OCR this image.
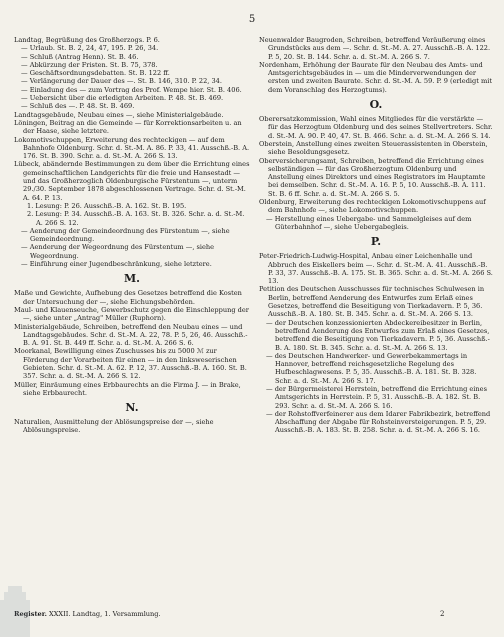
5

Landtag, Begrüßung des Großherzogs. P. 6.

— Urlaub. St. B. 2, 24, 47, 195. P. 26, 34.

— Schluß (Antrag Henn). St. B. 46.

— Abkürzung der Fristen. St. B. 75, 378.

— Geschäftsordnungsdebatten. St. B. 122 ff.

— Verlängerung der Dauer des —. St. B. 146, 310. P. 22, 34.

— Einladung des — zum Vortrag des Prof. Wempe hier. St. B. 406.

— Uebersicht über die erledigten Arbeiten. P. 48. St. B. 469.

— Schluß des —. P. 48. St. B. 469.

Landtagsgebäude, Neubau eines —, siehe Ministerialgebäude.

Löningen, Beitrag an die Gemeinde — für Korrektionsarbeiten u. an der Haase, siehe letztere.

Lokomotivschuppen, Erweiterung des rechteckigen — auf dem Bahnhofe Oldenburg. Schr. d. St.-M. A. 86. P. 33, 41. Ausschß.-B. A. 176. St. B. 390. Schr. a. d. St.-M. A. 266 S. 13.

Lübeck, abändernde Bestimmungen zu dem über die Errichtung eines gemeinschaftlichen Landgerichts für die freie und Hansestadt — und das Großherzoglich Oldenburgische Fürstentum —, unterm 29./30. September 1878 abgeschlossenen Vertrage. Schr. d. St.-M. A. 64. P. 13.

1. Lesung: P. 26. Ausschß.-B. A. 162. St. B. 195.

2. Lesung: P. 34. Ausschß.-B. A. 163. St. B. 326. Schr. a. d. St.-M. A. 266 S. 12.

— Aenderung der Gemeindeordnung des Fürstentum —, siehe Gemeindeordnung.

— Aenderung der Wegeordnung des Fürstentum —, siehe Wegeordnung.

— Einführung einer Jugendbeschränkung, siehe letztere.

M.

Maße und Gewichte, Aufhebung des Gesetzes betreffend die Kosten der Untersuchung der —, siehe Eichungsbehörden.

Maul- und Klauenseuche, Gewerbschutz gegen die Einschleppung der —, siehe unter „Antrag" Müller (Ruphorn).

Ministerialgebäude, Schreiben, betreffend den Neubau eines — und Landtagsgebäudes. Schr. d. St.-M. A. 22, 78. P. 5, 26, 46. Ausschß.-B. A. 91. St. B. 449 ff. Schr. a. d. St.-M. A. 266 S. 6.

Moorkanal, Bewilligung eines Zuschusses bis zu 5000 ℳ zur Förderung der Vorarbeiten für einen — in den linksweserischen Gebieten. Schr. d. St.-M. A. 62. P. 12, 37. Ausschß.-B. A. 160. St. B. 357. Schr. a. d. St.-M. A. 266 S. 12.

Müller, Einräumung eines Erbbaurechts an die Firma J. — in Brake, siehe Erbbaurecht.

N.

Naturalien, Ausmittelung der Ablösungspreise der —, siehe Ablösungspreise.

Neuenwalder Baugroden, Schreiben, betreffend Veräußerung eines Grundstücks aus dem —. Schr. d. St.-M. A. 27. Ausschß.-B. A. 122. P. 5, 20. St. B. 144. Schr. a. d. St.-M. A. 266 S. 7.

Nordenham, Erhöhung der Baurate für den Neubau des Amts- und Amtsgerichtsgebäudes in — um die Minderverwendungen der ersten und zweiten Baurate. Schr. d. St.-M. A. 59. P. 9 (erledigt mit dem Voranschlag des Herzogtums).

O.

Oberersatzkommission, Wahl eines Mitgliedes für die verstärkte — für das Herzogtum Oldenburg und des seines Stellvertreters. Schr. d. St.-M. A. 90. P. 40, 47. St. B. 466. Schr. a. d. St.-M. A. 266 S. 14.

Oberstein, Anstellung eines zweiten Steuerassistenten in Oberstein, siehe Besoldungsgesetz.

Oberversicherungsamt, Schreiben, betreffend die Errichtung eines selbständigen — für das Großherzogtum Oldenburg und Anstellung eines Direktors und eines Registrators im Hauptamte bei demselben. Schr. d. St.-M. A. 16. P. 5, 10. Ausschß.-B. A. 111. St. B. 6 ff. Schr. a. d. St.-M. A. 266 S. 5.

Oldenburg, Erweiterung des rechteckigen Lokomotivschuppens auf dem Bahnhofe —, siehe Lokomotivschuppen.

— Herstellung eines Uebergabe- und Sammelgleises auf dem Güterbahnhof —, siehe Uebergabegleis.

P.

Peter-Friedrich-Ludwig-Hospital, Anbau einer Leichenhalle und Abbruch des Eiskellers beim —. Schr. d. St.-M. A. 41. Ausschß.-B. P. 33, 37. Ausschß.-B. A. 175. St. B. 365. Schr. a. d. St.-M. A. 266 S. 13.

Petition des Deutschen Ausschusses für technisches Schulwesen in Berlin, betreffend Aenderung des Entwurfes zum Erlaß eines Gesetzes, betreffend die Beseitigung von Tierkadavern. P. 5, 36. Ausschß.-B. A. 180. St. B. 345. Schr. a. d. St.-M. A. 266 S. 13.

— der Deutschen konzessionierten Abdeckereibesitzer in Berlin, betreffend Aenderung des Entwurfes zum Erlaß eines Gesetzes, betreffend die Beseitigung von Tierkadavern. P. 5, 36. Ausschß.-B. A. 180. St. B. 345. Schr. a. d. St.-M. A. 266 S. 13.

— des Deutschen Handwerker- und Gewerbekammertags in Hannover, betreffend reichsgesetzliche Regelung des Hufbeschlagwesens. P. 5, 35. Ausschß.-B. A. 181. St. B. 328. Schr. a. d. St.-M. A. 266 S. 17.

— der Bürgermeisterei Herrstein, betreffend die Errichtung eines Amtsgerichts in Herrstein. P. 5, 31. Ausschß.-B. A. 182. St. B. 293. Schr. a. d. St.-M. A. 266 S. 16.

— der Rohstoffverfeinerer aus dem Idarer Fabrikbezirk, betreffend Abschaffung der Abgabe für Rohsteinversteigerungen. P. 5, 29. Ausschß.-B. A. 183. St. B. 258. Schr. a. d. St.-M. A. 266 S. 16.

Register. XXXII. Landtag, 1. Versammlung.	2
